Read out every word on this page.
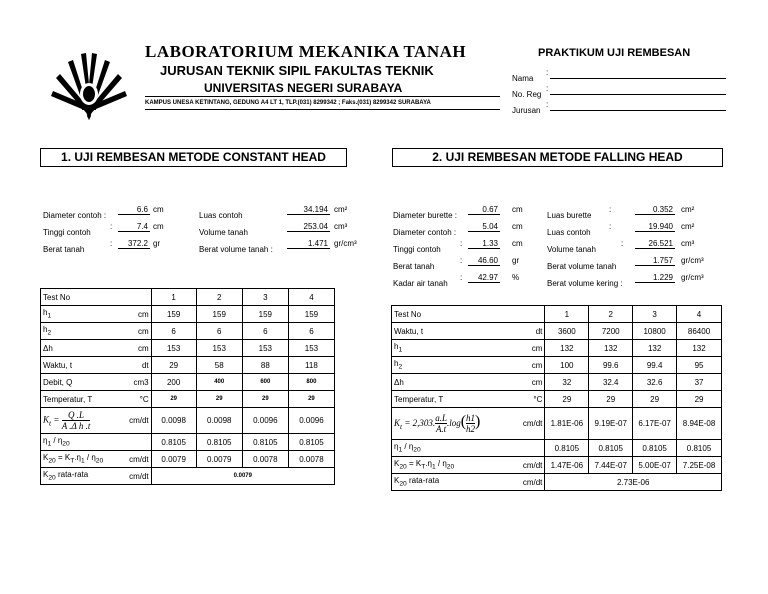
LABORATORIUM MEKANIKA TANAH
JURUSAN TEKNIK SIPIL FAKULTAS TEKNIK
UNIVERSITAS NEGERI SURABAYA
KAMPUS UNESA KETINTANG, GEDUNG A4 LT 1, TLP.(031) 8299342 ; Faks.(031) 8299342 SURABAYA
PRAKTIKUM UJI REMBESAN
Nama
:
No. Reg
:
Jurusan
:
1. UJI REMBESAN METODE CONSTANT HEAD	2. UJI REMBESAN METODE FALLING HEAD
Diameter contoh :
6.6 cm
Tinggi contoh
:	7.4 cm
Berat tanah
:	372.2 gr
Luas contoh
34.194 cm²
Volume tanah
253.04 cm³
Berat volume tanah :
1.471 gr/cm³
Diameter burette :
0.67 cm
Diameter contoh :
5.04 cm
Tinggi contoh
:	1.33 cm
Berat tanah
:	46.60 gr
Kadar air tanah
:	42.97 %
Luas burette
:	0.352 cm²
Luas contoh
:	19.940 cm²
Volume tanah
:	26.521 cm³
Berat volume tanah
1.757 gr/cm³
Berat volume kering :
1.229 gr/cm³
Test No		1	2	3	4
$h_1$	cm	159	159	159	159
$h_2$	cm	6	6	6	6
Δh	cm	153	153	153	153
Waktu, t	dt	29	58	88	118
Debit, Q	cm3	200	400	600	800
Temperatur, T	°C	29	29	29	29
$K_t = \frac{Q .L}{\text{A .Δ h .t}}$	cm/dt	0.0098	0.0098	0.0096	0.0096
$\eta_1 / \eta_{20}$		0.8105	0.8105	0.8105	0.8105
$K_{20} = K_T.\eta_1 / \eta_{20}$	cm/dt	0.0079	0.0079	0.0078	0.0078
$K_{20}$ rata-rata	cm/dt	0.0079			
Test No		1	2	3	4
Waktu, t	dt	3600	7200	10800	86400
$h_1$	cm	132	132	132	132
$h_2$	cm	100	99.6	99.4	95
Δh	cm	32	32.4	32.6	37
Temperatur, T	°C	29	29	29	29
$K_t = 2,303$. $\frac{a.L}{A.t}.\log( \frac{h1}{h2})$	cm/dt	1.81E-06	9.19E-07	6.17E-07	8.94E-08
$\eta_1 / \eta_{20}$		0.8105	0.8105	0.8105	0.8105
$K_{20} = K_T.\eta_1 / \eta_{20}$	cm/dt	1.47E-06	7.44E-07	5.00E-07	7.25E-08
$K_{20}$ rata-rata	cm/dt	2.73E-06			
